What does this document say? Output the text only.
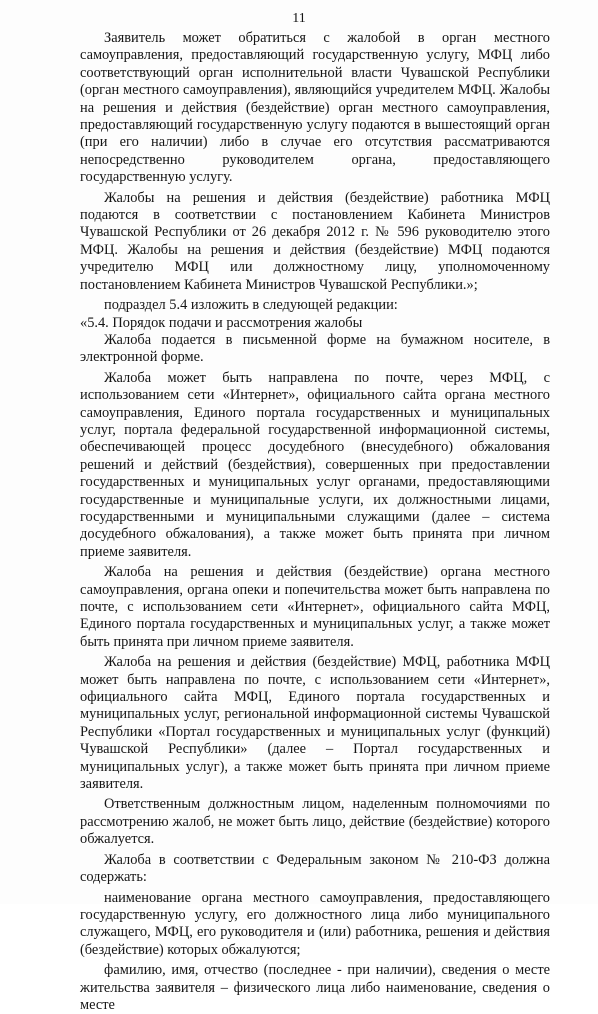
11

Заявитель может обратиться с жалобой в орган местного самоуправления, предоставляющий государственную услугу, МФЦ либо соответствующий орган исполнительной власти Чувашской Республики (орган местного самоуправления), являющийся учредителем МФЦ. Жалобы на решения и действия (бездействие) орган местного самоуправления, предоставляющий государственную услугу подаются в вышестоящий орган (при его наличии) либо в случае его отсутствия рассматриваются непосредственно руководителем органа, предоставляющего государственную услугу.

Жалобы на решения и действия (бездействие) работника МФЦ подаются в соответствии с постановлением Кабинета Министров Чувашской Республики от 26 декабря 2012 г. № 596 руководителю этого МФЦ. Жалобы на решения и действия (бездействие) МФЦ подаются учредителю МФЦ или должностному лицу, уполномоченному постановлением Кабинета Министров Чувашской Республики.»;

подраздел 5.4 изложить в следующей редакции:

«5.4. Порядок подачи и рассмотрения жалобы

Жалоба подается в письменной форме на бумажном носителе, в электронной форме.

Жалоба может быть направлена по почте, через МФЦ, с использованием сети «Интернет», официального сайта органа местного самоуправления, Единого портала государственных и муниципальных услуг, портала федеральной государственной информационной системы, обеспечивающей процесс досудебного (внесудебного) обжалования решений и действий (бездействия), совершенных при предоставлении государственных и муниципальных услуг органами, предоставляющими государственные и муниципальные услуги, их должностными лицами, государственными и муниципальными служащими (далее – система досудебного обжалования), а также может быть принята при личном приеме заявителя.

Жалоба на решения и действия (бездействие) органа местного самоуправления, органа опеки и попечительства может быть направлена по почте, с использованием сети «Интернет», официального сайта МФЦ, Единого портала государственных и муниципальных услуг, а также может быть принята при личном приеме заявителя.

Жалоба на решения и действия (бездействие) МФЦ, работника МФЦ может быть направлена по почте, с использованием сети «Интернет», официального сайта МФЦ, Единого портала государственных и муниципальных услуг, региональной информационной системы Чувашской Республики «Портал государственных и муниципальных услуг (функций) Чувашской Республики» (далее – Портал государственных и муниципальных услуг), а также может быть принята при личном приеме заявителя.

Ответственным должностным лицом, наделенным полномочиями по рассмотрению жалоб, не может быть лицо, действие (бездействие) которого обжалуется.

Жалоба в соответствии с Федеральным законом № 210-ФЗ должна содержать:

наименование органа местного самоуправления, предоставляющего государственную услугу, его должностного лица либо муниципального служащего, МФЦ, его руководителя и (или) работника, решения и действия (бездействие) которых обжалуются;

фамилию, имя, отчество (последнее - при наличии), сведения о месте жительства заявителя – физического лица либо наименование, сведения о месте
